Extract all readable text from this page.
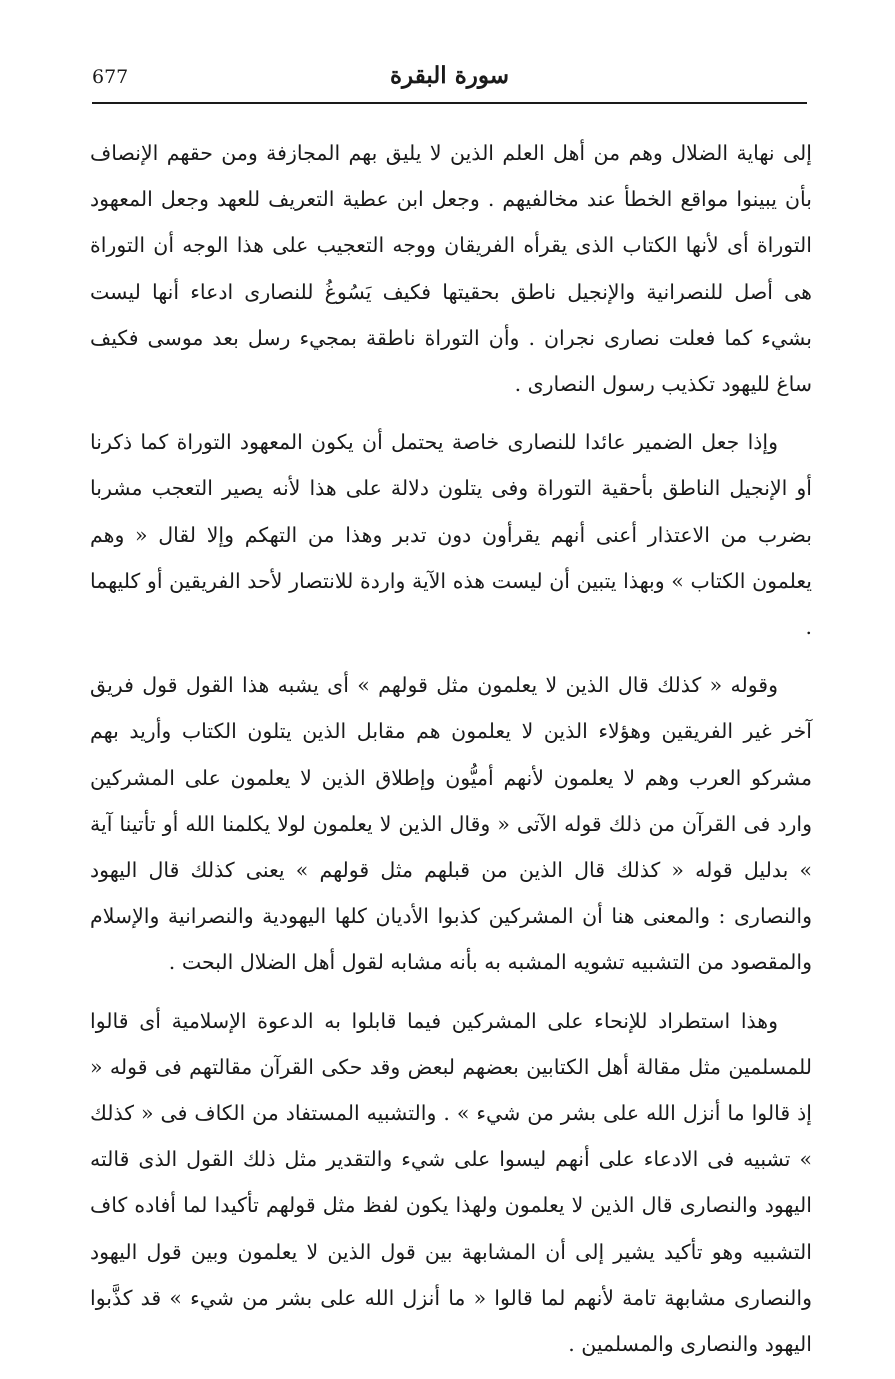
677	سورة البقرة

إلى نهاية الضلال وهم من أهل العلم الذين لا يليق بهم المجازفة ومن حقهم الإنصاف بأن يبينوا مواقع الخطأ عند مخالفيهم . وجعل ابن عطية التعريف للعهد وجعل المعهود التوراة أى لأنها الكتاب الذى يقرأه الفريقان ووجه التعجيب على هذا الوجه أن التوراة هى أصل للنصرانية والإنجيل ناطق بحقيتها فكيف يَسُوغُ للنصارى ادعاء أنها ليست بشيء كما فعلت نصارى نجران . وأن التوراة ناطقة بمجيء رسل بعد موسى فكيف ساغ لليهود تكذيب رسول النصارى .

وإذا جعل الضمير عائدا للنصارى خاصة يحتمل أن يكون المعهود التوراة كما ذكرنا أو الإنجيل الناطق بأحقية التوراة وفى يتلون دلالة على هذا لأنه يصير التعجب مشربا بضرب من الاعتذار أعنى أنهم يقرأون دون تدبر وهذا من التهكم وإلا لقال « وهم يعلمون الكتاب » وبهذا يتبين أن ليست هذه الآية واردة للانتصار لأحد الفريقين أو كليهما .

وقوله « كذلك قال الذين لا يعلمون مثل قولهم » أى يشبه هذا القول قول فريق آخر غير الفريقين وهؤلاء الذين لا يعلمون هم مقابل الذين يتلون الكتاب وأريد بهم مشركو العرب وهم لا يعلمون لأنهم أميُّون وإطلاق الذين لا يعلمون على المشركين وارد فى القرآن من ذلك قوله الآتى « وقال الذين لا يعلمون لولا يكلمنا الله أو تأتينا آية » بدليل قوله « كذلك قال الذين من قبلهم مثل قولهم » يعنى كذلك قال اليهود والنصارى : والمعنى هنا أن المشركين كذبوا الأديان كلها اليهودية والنصرانية والإسلام والمقصود من التشبيه تشويه المشبه به بأنه مشابه لقول أهل الضلال البحت .

وهذا استطراد للإنحاء على المشركين فيما قابلوا به الدعوة الإسلامية أى قالوا للمسلمين مثل مقالة أهل الكتابين بعضهم لبعض وقد حكى القرآن مقالتهم فى قوله « إذ قالوا ما أنزل الله على بشر من شيء » . والتشبيه المستفاد من الكاف فى « كذلك » تشبيه فى الادعاء على أنهم ليسوا على شيء والتقدير مثل ذلك القول الذى قالته اليهود والنصارى قال الذين لا يعلمون ولهذا يكون لفظ مثل قولهم تأكيدا لما أفاده كاف التشبيه وهو تأكيد يشير إلى أن المشابهة بين قول الذين لا يعلمون وبين قول اليهود والنصارى مشابهة تامة لأنهم لما قالوا « ما أنزل الله على بشر من شيء » قد كذَّبوا اليهود والنصارى والمسلمين .
